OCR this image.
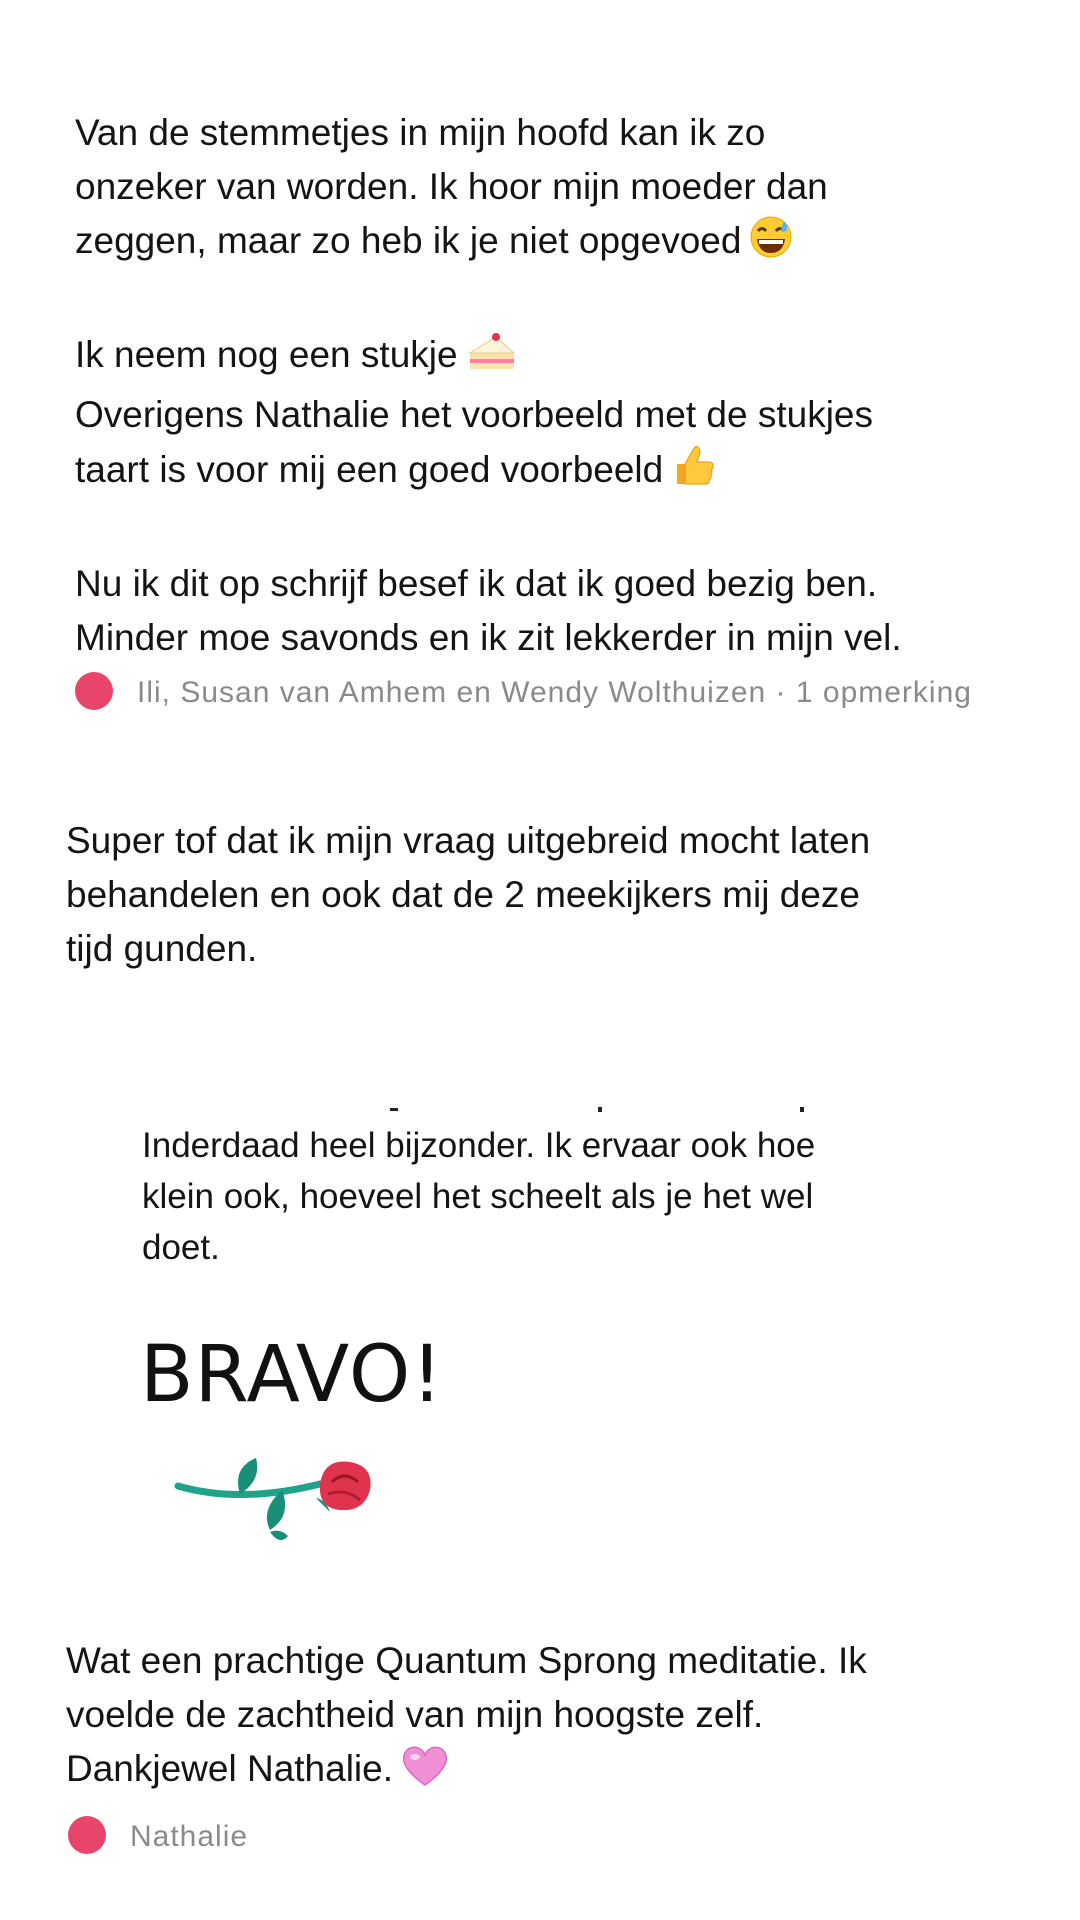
Van de stemmetjes in mijn hoofd kan ik zo
onzeker van worden. Ik hoor mijn moeder dan
zeggen, maar zo heb ik je niet opgevoed

Ik neem nog een stukje

Overigens Nathalie het voorbeeld met de stukjes
taart is voor mij een goed voorbeeld

Nu ik dit op schrijf besef ik dat ik goed bezig ben.
Minder moe savonds en ik zit lekkerder in mijn vel.

Ili, Susan van Amhem en Wendy Wolthuizen · 1 opmerking
Super tof dat ik mijn vraag uitgebreid mocht laten
behandelen en ook dat de 2 meekijkers mij deze
tijd gunden.
Inderdaad heel bijzonder. Ik ervaar ook hoe
klein ook, hoeveel het scheelt als je het wel
doet.
BRAVO!
Wat een prachtige Quantum Sprong meditatie. Ik
voelde de zachtheid van mijn hoogste zelf.
Dankjewel Nathalie.
Nathalie
